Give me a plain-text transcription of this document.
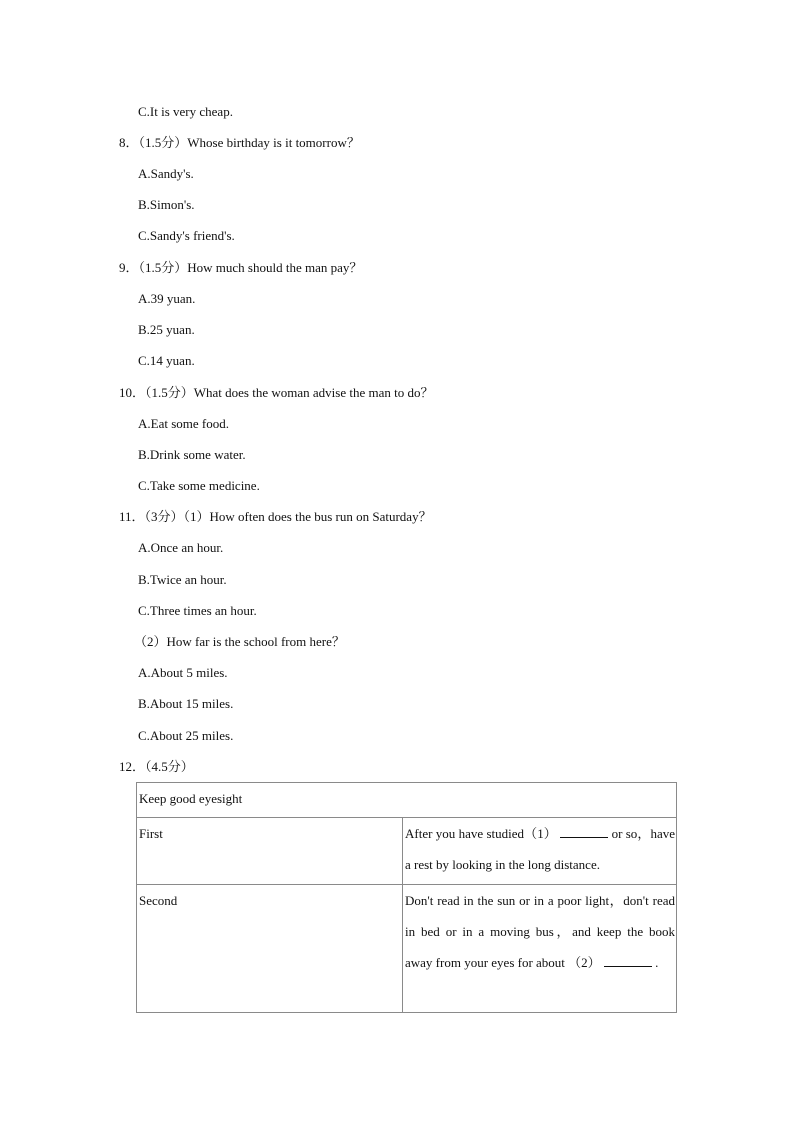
C.It is very cheap.
8．（1.5分）Whose birthday is it tomorrow？
A.Sandy's.
B.Simon's.
C.Sandy's friend's.
9．（1.5分）How much should the man pay？
A.39 yuan.
B.25 yuan.
C.14 yuan.
10．（1.5分）What does the woman advise the man to do？
A.Eat some food.
B.Drink some water.
C.Take some medicine.
11．（3分）（1）How often does the bus run on Saturday？
A.Once an hour.
B.Twice an hour.
C.Three times an hour.
（2）How far is the school from here？
A.About 5 miles.
B.About 15 miles.
C.About 25 miles.
12．（4.5分）
Keep good eyesight	
First	After you have studied（1） or so，have a rest by looking in the long distance.
Second	Don't read in the sun or in a poor light，don't read in bed or in a moving bus，and keep the book away from your eyes for about （2） .
